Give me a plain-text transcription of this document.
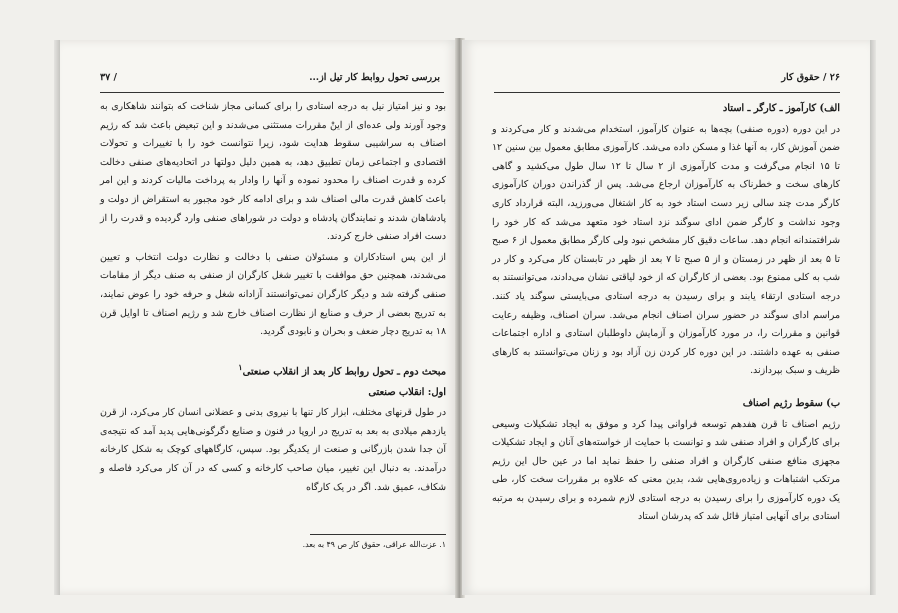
بررسی تحول روابط کار تیل از...
/ ۳۷

بود و نیز امتیاز نیل به درجه استادی را برای کسانی مجاز شناخت که بتوانند شاهکاری به وجود آورند ولی عده‌ای از اینْ مقررات مستثنی می‌شدند و این تبعیض باعث شد که رژیم اصناف به سراشیبی سقوط هدایت شود، زیرا نتوانست خود را با تغییرات و تحولات اقتصادی و اجتماعی زمان تطبیق دهد، به همین دلیل دولتها در اتحادیه‌های صنفی دخالت کرده و قدرت اصناف را محدود نموده و آنها را وادار به پرداخت مالیات کردند و این امر باعث کاهش قدرت مالی اصناف شد و برای ادامه کار خود مجبور به استقراض از دولت و پادشاهان شدند و نمایندگان پادشاه و دولت در شوراهای صنفی وارد گردیده و قدرت را از دست افراد صنفی خارج کردند.

از این پس استادکاران و مسئولان صنفی با دخالت و نظارت دولت انتخاب و تعیین می‌شدند، همچنین حق موافقت با تغییر شغل کارگران از صنفی به صنف دیگر از مقامات صنفی گرفته شد و دیگر کارگران نمی‌توانستند آزادانه شغل و حرفه خود را عوض نمایند، به تدریج بعضی از حرف و صنایع از نظارت اصناف خارج شد و رژیم اصناف تا اوایل قرن ۱۸ به تدریج دچار ضعف و بحران و نابودی گردید.

مبحث دوم ـ تحول روابط کار بعد از انقلاب صنعتی$^۱$

اول: انقلاب صنعتی

در طول قرنهای مختلف، ابزار کار تنها با نیروی بدنی و عضلانی انسان کار می‌کرد، از قرن یازدهم میلادی به بعد به تدریج در اروپا در فنون و صنایع دگرگونی‌هایی پدید آمد که نتیجه‌ی آن جدا شدن بازرگانی و صنعت از یکدیگر بود. سپس، کارگاههای کوچک به شکل کارخانه درآمدند. به دنبال این تغییر، میان صاحب کارخانه و کسی که در آن کار می‌کرد فاصله و شکاف، عمیق شد. اگر در یک کارگاه

۱. عزت‌الله عراقی، حقوق کار ص ۴۹ به بعد.
۲۶ / حقوق کار

الف) کارآموز ـ کارگر ـ استاد

در این دوره (دوره صنفی) بچه‌ها به عنوان کارآموز، استخدام می‌شدند و کار می‌کردند و ضمن آموزش کار، به آنها غذا و مسکن داده می‌شد. کارآموزی مطابق معمول بین سنین ۱۲ تا ۱۵ انجام می‌گرفت و مدت کارآموزی از ۲ سال تا ۱۲ سال طول می‌کشید و گاهی کارهای سخت و خطرناک به کارآموزان ارجاع می‌شد. پس از گذراندن دوران کارآموزی کارگر مدت چند سالی زیر دست استاد خود به کار اشتغال می‌ورزید، البته قرارداد کاری وجود نداشت و کارگر ضمن ادای سوگند نزد استاد خود متعهد می‌شد که کار خود را شرافتمندانه انجام دهد. ساعات دقیق کار مشخص نبود ولی کارگر مطابق معمول از ۶ صبح تا ۵ بعد از ظهر در زمستان و از ۵ صبح تا ۷ بعد از ظهر در تابستان کار می‌کرد و کار در شب به کلی ممنوع بود. بعضی از کارگران که از خود لیاقتی نشان می‌دادند، می‌توانستند به درجه استادی ارتقاء یابند و برای رسیدن به درجه استادی می‌بایستی سوگند یاد کنند. مراسم ادای سوگند در حضور سران اصناف انجام می‌شد. سران اصناف، وظیفه رعایت قوانین و مقررات را، در مورد کارآموزان و آزمایش داوطلبان استادی و اداره اجتماعات صنفی به عهده داشتند. در این دوره کار کردن زن آزاد بود و زنان می‌توانستند به کارهای ظریف و سبک بپردازند.

ب) سقوط رژیم اصناف

رژیم اصناف تا قرن هفدهم توسعه فراوانی پیدا کرد و موفق به ایجاد تشکیلات وسیعی برای کارگران و افراد صنفی شد و توانست با حمایت از خواسته‌های آنان و ایجاد تشکیلات مجهزی منافع صنفی کارگران و افراد صنفی را حفظ نماید اما در عین حال این رژیم مرتکب اشتباهات و زیاده‌روی‌هایی شد، بدین معنی که علاوه بر مقررات سخت کار، طی یک دوره کارآموزی را برای رسیدن به درجه استادی لازم شمرده و برای رسیدن به مرتبه استادی برای آنهایی امتیاز قائل شد که پدرشان استاد
